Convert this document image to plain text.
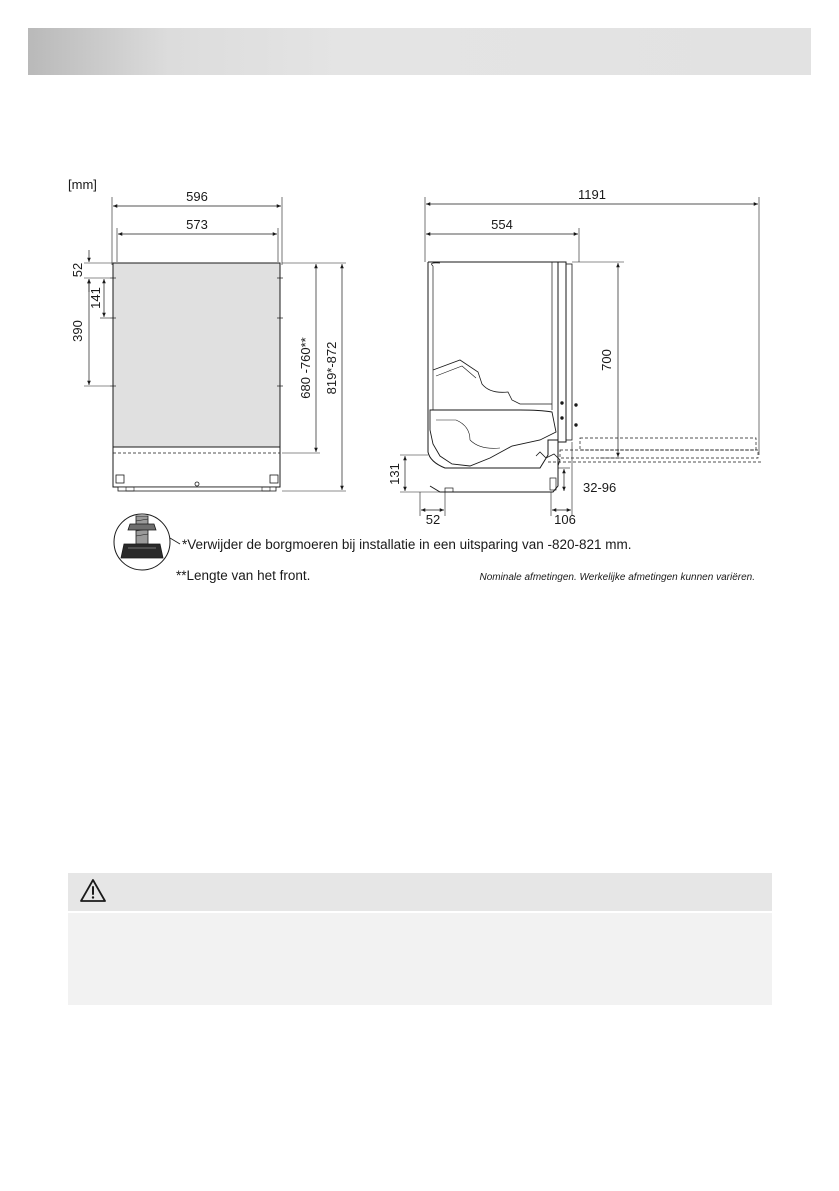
[mm]
596
573
52
141
390
680 -760** 819*-872
1191
554
700
131
52	106
32-96
*Verwijder de borgmoeren bij installatie in een uitsparing van -820-821 mm.
**Lengte van het front.	Nominale afmetingen. Werkelijke afmetingen kunnen variëren.
